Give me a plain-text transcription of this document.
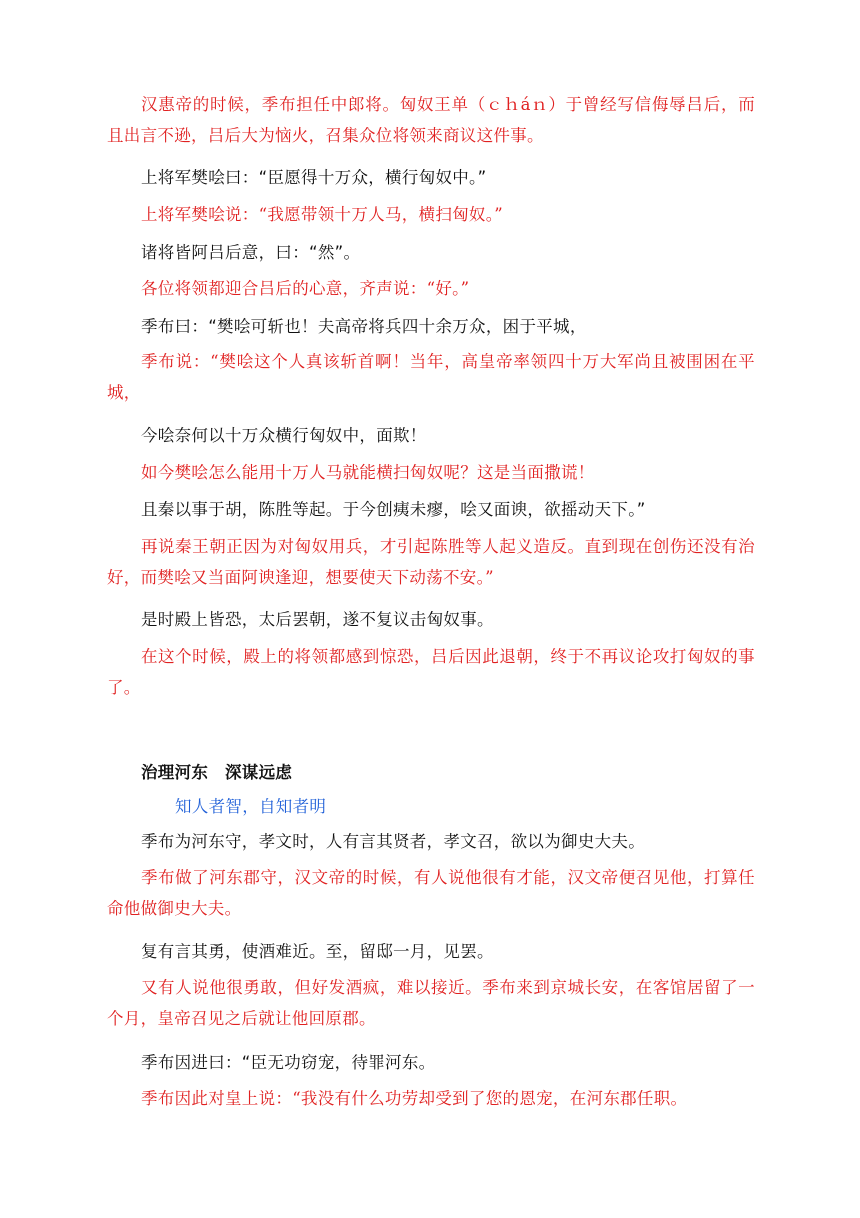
汉惠帝的时候，季布担任中郎将。匈奴王单（ｃｈáｎ）于曾经写信侮辱吕后，而且出言不逊，吕后大为恼火，召集众位将领来商议这件事。

上将军樊哙曰：“臣愿得十万众，横行匈奴中。”

上将军樊哙说：“我愿带领十万人马，横扫匈奴。”

诸将皆阿吕后意，曰：“然”。

各位将领都迎合吕后的心意，齐声说：“好。”

季布曰：“樊哙可斩也！夫高帝将兵四十余万众，困于平城，

季布说：“樊哙这个人真该斩首啊！当年，高皇帝率领四十万大军尚且被围困在平城，

今哙奈何以十万众横行匈奴中，面欺！

如今樊哙怎么能用十万人马就能横扫匈奴呢？这是当面撒谎！

且秦以事于胡，陈胜等起。于今创痍未瘳，哙又面谀，欲摇动天下。”

再说秦王朝正因为对匈奴用兵，才引起陈胜等人起义造反。直到现在创伤还没有治好，而樊哙又当面阿谀逢迎，想要使天下动荡不安。”

是时殿上皆恐，太后罢朝，遂不复议击匈奴事。

在这个时候，殿上的将领都感到惊恐，吕后因此退朝，终于不再议论攻打匈奴的事了。

治理河东　深谋远虑

知人者智，自知者明

季布为河东守，孝文时，人有言其贤者，孝文召，欲以为御史大夫。

季布做了河东郡守，汉文帝的时候，有人说他很有才能，汉文帝便召见他，打算任命他做御史大夫。

复有言其勇，使酒难近。至，留邸一月，见罢。

又有人说他很勇敢，但好发酒疯，难以接近。季布来到京城长安，在客馆居留了一个月，皇帝召见之后就让他回原郡。

季布因进曰：“臣无功窃宠，待罪河东。

季布因此对皇上说：“我没有什么功劳却受到了您的恩宠，在河东郡任职。
